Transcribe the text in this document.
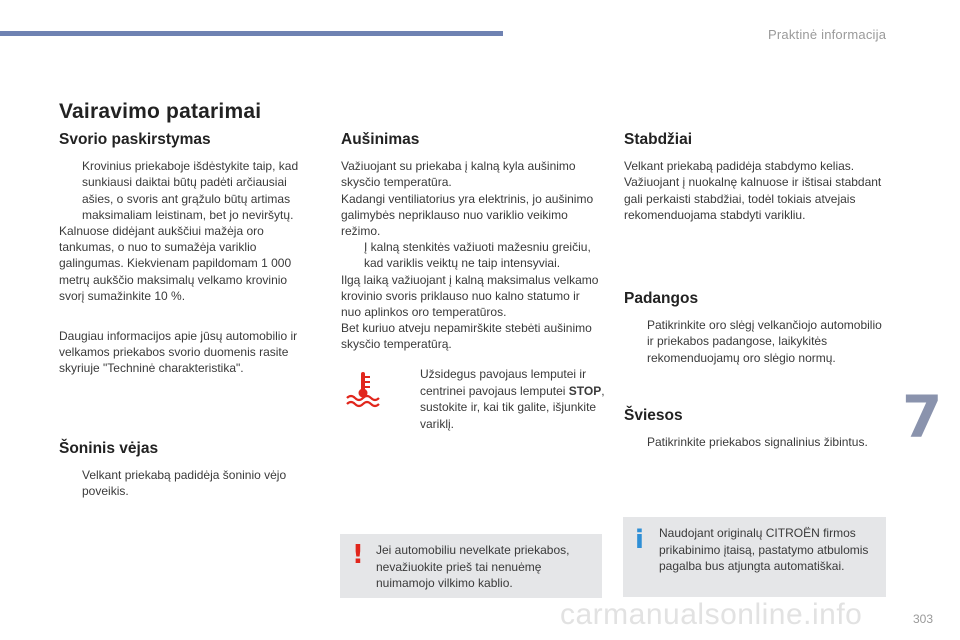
Praktinė informacija
Vairavimo patarimai
Svorio paskirstymas

Krovinius priekaboje išdėstykite taip, kad sunkiausi daiktai būtų padėti arčiausiai ašies, o svoris ant grąžulo būtų artimas maksimaliam leistinam, bet jo neviršytų.

Kalnuose didėjant aukščiui mažėja oro tankumas, o nuo to sumažėja variklio galingumas. Kiekvienam papildomam 1 000 metrų aukščio maksimalų velkamo krovinio svorį sumažinkite 10 %.

Daugiau informacijos apie jūsų automobilio ir velkamos priekabos svorio duomenis rasite skyriuje "Techninė charakteristika".

Šoninis vėjas

Velkant priekabą padidėja šoninio vėjo poveikis.

Aušinimas

Važiuojant su priekaba į kalną kyla aušinimo skysčio temperatūra.

Kadangi ventiliatorius yra elektrinis, jo aušinimo galimybės nepriklauso nuo variklio veikimo režimo.

Į kalną stenkitės važiuoti mažesniu greičiu, kad variklis veiktų ne taip intensyviai.

Ilgą laiką važiuojant į kalną maksimalus velkamo krovinio svoris priklauso nuo kalno statumo ir nuo aplinkos oro temperatūros.

Bet kuriuo atveju nepamirškite stebėti aušinimo skysčio temperatūrą.

Užsidegus pavojaus lemputei ir centrinei pavojaus lemputei STOP, sustokite ir, kai tik galite, išjunkite variklį.
! Jei automobiliu nevelkate priekabos, nevažiuokite prieš tai nenuėmę nuimamojo vilkimo kablio.
Stabdžiai

Velkant priekabą padidėja stabdymo kelias. Važiuojant į nuokalnę kalnuose ir ištisai stabdant gali perkaisti stabdžiai, todėl tokiais atvejais rekomenduojama stabdyti varikliu.

Padangos

Patikrinkite oro slėgį velkančiojo automobilio ir priekabos padangose, laikykitės rekomenduojamų oro slėgio normų.

Šviesos

Patikrinkite priekabos signalinius žibintus.

i Naudojant originalų CITROËN firmos prikabinimo įtaisą, pastatymo atbulomis pagalba bus atjungta automatiškai.
7
303
carmanualsonline.info
